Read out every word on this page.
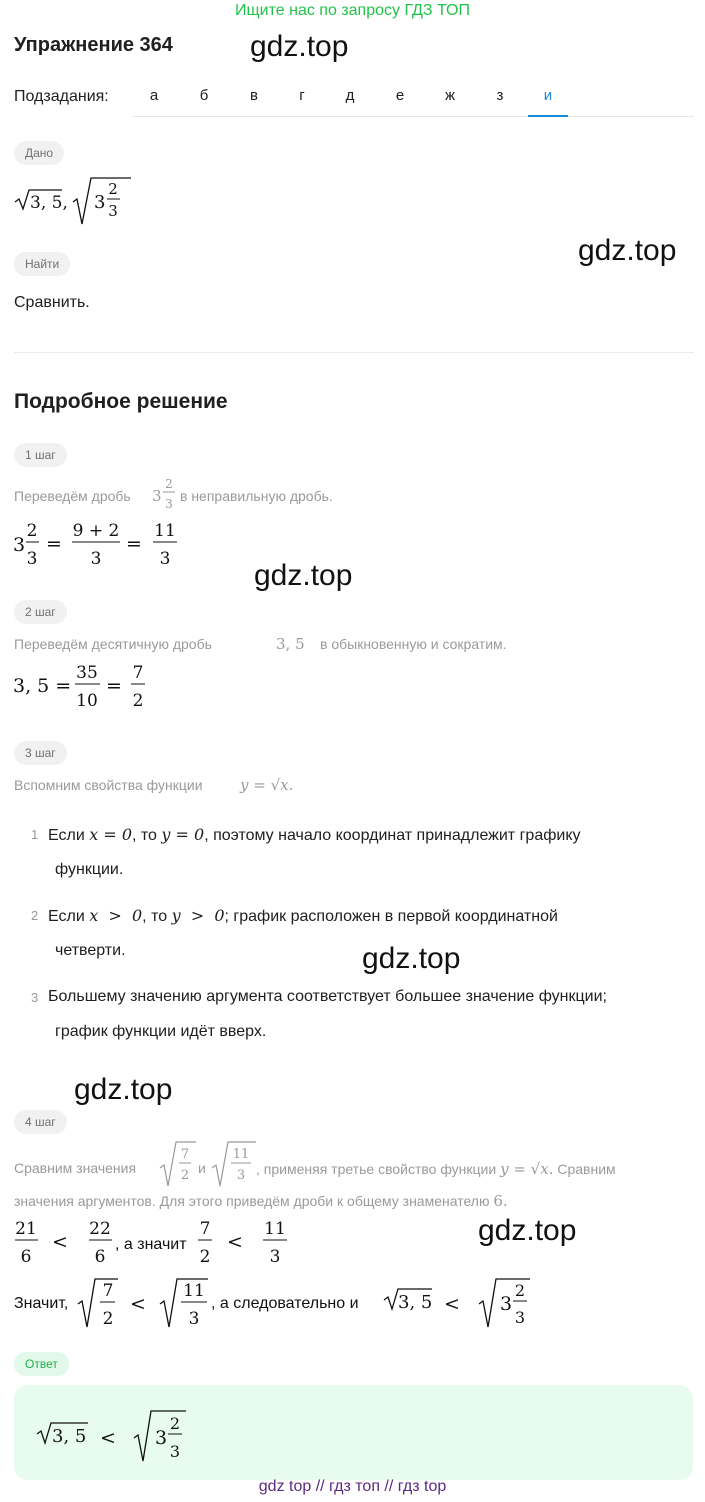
Ищите нас по запросу ГДЗ ТОП
Упражнение 364	gdz.top
gdz.top
gdz.top
gdz.top
gdz.top
gdz.top
Подзадания:	а	б	в	г	д	е	ж	з	и
Дано
√3,5, √(3 2/3)
3, 5, 3
2
3
Найти
Сравнить.
Подробное решение
1 шаг
Переведём дробь 3
2
3 в неправильную дробь.
3 2/3 = (9 + 2)/3 = 11/3
3
2
3
=
9 + 2
3
=
11
3
2 шаг
Переведём десятичную дробь	3, 5 в обыкновенную и сократим.
3, 5 = 35/10 = 7/2
3, 5 =
35
10
=
7
2
3 шаг
Вспомним свойства функции y = √x.
1 Если x = 0, то y = 0, поэтому начало координат принадлежит графику
функции.
2 Если x  >  0, то y  >  0; график расположен в первой координатной
четверти.
3 Большему значению аргумента соответствует большее значение функции;
график функции идёт вверх.
4 шаг
Сравним значения
7
2 и
11
3 , применяя третье свойство функции y = √x. Сравним
значения аргументов. Для этого приведём дроби к общему знаменателю 6.
21
6
<
22
6
, а значит
7
2
<
11
3
Значит,
7
2
<
11
3
, а следовательно и 3, 5 < 3
2
3
Ответ
√3,5 < √(3 2/3)
3, 5 < 3
2
3
gdz top // гдз топ // гдз top
